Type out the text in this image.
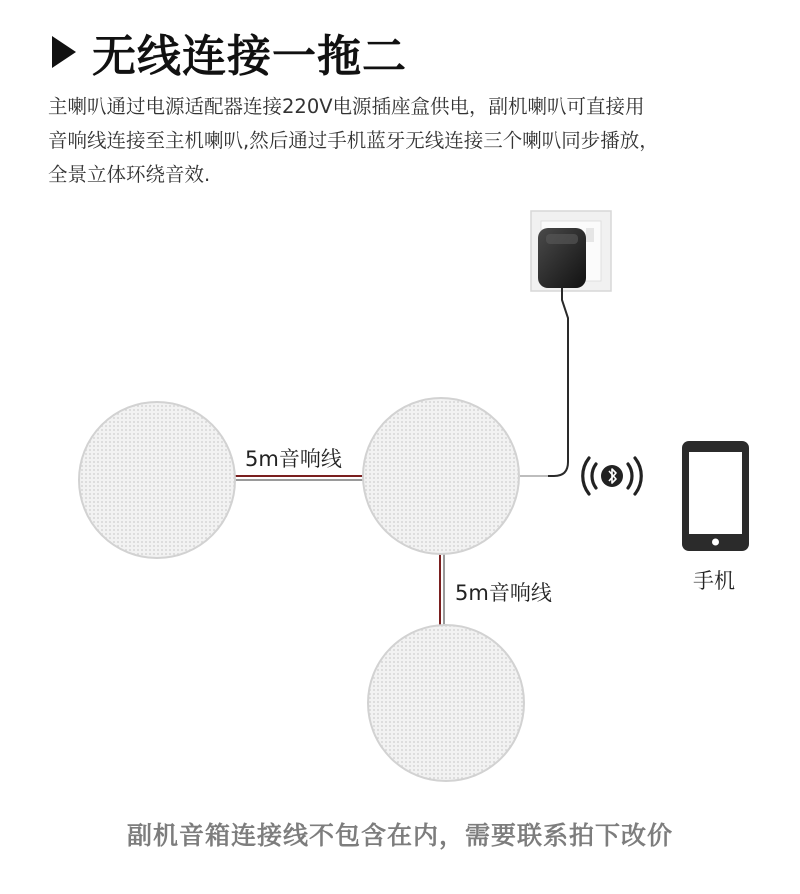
无线连接一拖二
主喇叭通过电源适配器连接220V电源插座盒供电，副机喇叭可直接用
音响线连接至主机喇叭,然后通过手机蓝牙无线连接三个喇叭同步播放，
全景立体环绕音效.
5m音响线
5m音响线	手机
副机音箱连接线不包含在内，需要联系拍下改价
